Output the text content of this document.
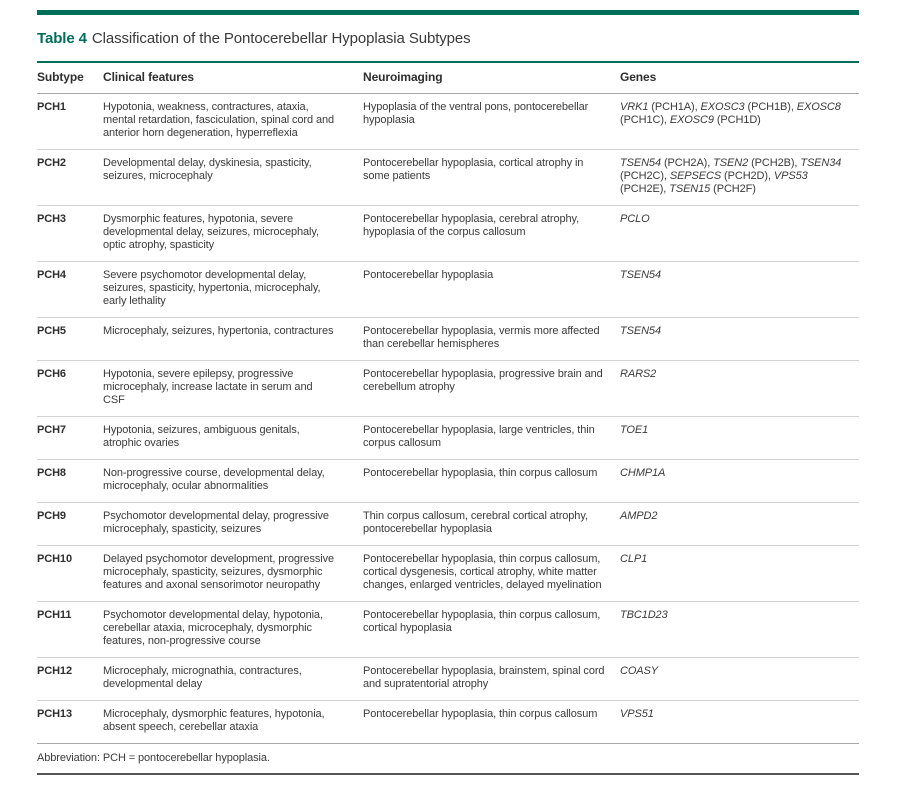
Table 4 Classification of the Pontocerebellar Hypoplasia Subtypes
Subtype	Clinical features	Neuroimaging	Genes
PCH1	Hypotonia, weakness, contractures, ataxia, mental retardation, fasciculation, spinal cord and anterior horn degeneration, hyperreflexia	Hypoplasia of the ventral pons, pontocerebellar hypoplasia	VRK1 (PCH1A), EXOSC3 (PCH1B), EXOSC8 (PCH1C), EXOSC9 (PCH1D)
PCH2	Developmental delay, dyskinesia, spasticity, seizures, microcephaly	Pontocerebellar hypoplasia, cortical atrophy in some patients	TSEN54 (PCH2A), TSEN2 (PCH2B), TSEN34 (PCH2C), SEPSECS (PCH2D), VPS53 (PCH2E), TSEN15 (PCH2F)
PCH3	Dysmorphic features, hypotonia, severe developmental delay, seizures, microcephaly, optic atrophy, spasticity	Pontocerebellar hypoplasia, cerebral atrophy, hypoplasia of the corpus callosum	PCLO
PCH4	Severe psychomotor developmental delay, seizures, spasticity, hypertonia, microcephaly, early lethality	Pontocerebellar hypoplasia	TSEN54
PCH5	Microcephaly, seizures, hypertonia, contractures	Pontocerebellar hypoplasia, vermis more affected than cerebellar hemispheres	TSEN54
PCH6	Hypotonia, severe epilepsy, progressive microcephaly, increase lactate in serum and CSF	Pontocerebellar hypoplasia, progressive brain and cerebellum atrophy	RARS2
PCH7	Hypotonia, seizures, ambiguous genitals, atrophic ovaries	Pontocerebellar hypoplasia, large ventricles, thin corpus callosum	TOE1
PCH8	Non-progressive course, developmental delay, microcephaly, ocular abnormalities	Pontocerebellar hypoplasia, thin corpus callosum	CHMP1A
PCH9	Psychomotor developmental delay, progressive microcephaly, spasticity, seizures	Thin corpus callosum, cerebral cortical atrophy, pontocerebellar hypoplasia	AMPD2
PCH10	Delayed psychomotor development, progressive microcephaly, spasticity, seizures, dysmorphic features and axonal sensorimotor neuropathy	Pontocerebellar hypoplasia, thin corpus callosum, cortical dysgenesis, cortical atrophy, white matter changes, enlarged ventricles, delayed myelination	CLP1
PCH11	Psychomotor developmental delay, hypotonia, cerebellar ataxia, microcephaly, dysmorphic features, non-progressive course	Pontocerebellar hypoplasia, thin corpus callosum, cortical hypoplasia	TBC1D23
PCH12	Microcephaly, micrognathia, contractures, developmental delay	Pontocerebellar hypoplasia, brainstem, spinal cord and supratentorial atrophy	COASY
PCH13	Microcephaly, dysmorphic features, hypotonia, absent speech, cerebellar ataxia	Pontocerebellar hypoplasia, thin corpus callosum	VPS51
Abbreviation: PCH = pontocerebellar hypoplasia.
